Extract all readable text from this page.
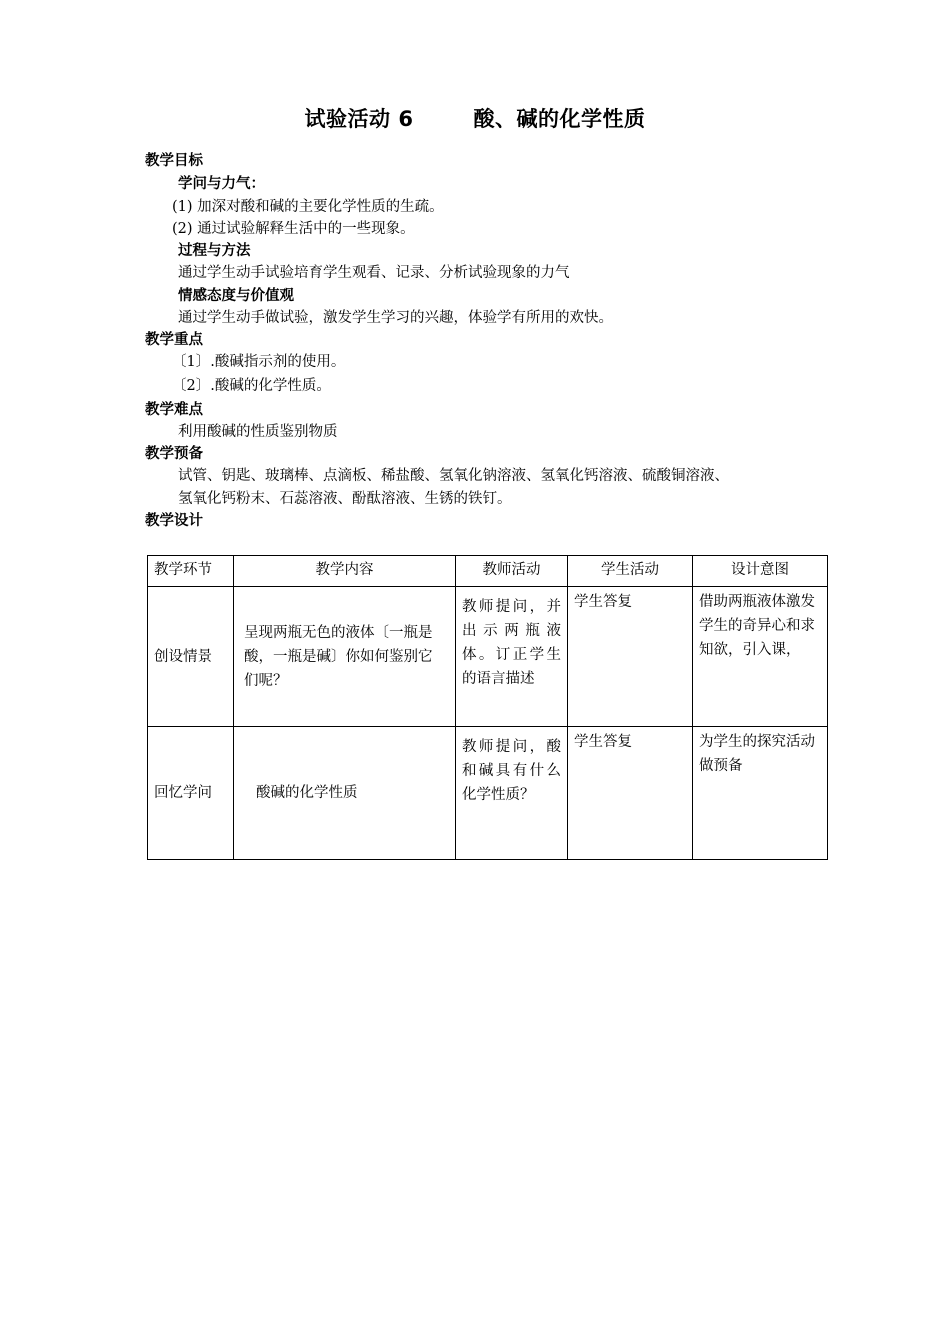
试验活动 6	酸、碱的化学性质
教学目标
学问与力气：
(1) 加深对酸和碱的主要化学性质的生疏。
(2) 通过试验解释生活中的一些现象。
过程与方法
通过学生动手试验培育学生观看、记录、分析试验现象的力气
情感态度与价值观
通过学生动手做试验，激发学生学习的兴趣，体验学有所用的欢快。
教学重点
〔1〕.酸碱指示剂的使用。
〔2〕.酸碱的化学性质。
教学难点
利用酸碱的性质鉴别物质
教学预备
试管、钥匙、玻璃棒、点滴板、稀盐酸、氢氧化钠溶液、氢氧化钙溶液、硫酸铜溶液、
氢氧化钙粉末、石蕊溶液、酚酞溶液、生锈的铁钉。
教学设计
教学环节	教学内容	教师活动	学生活动	设计意图
创设情景	呈现两瓶无色的液体〔一瓶是酸，一瓶是碱〕你如何鉴别它们呢？	教师提问，并出示两瓶液体。订正学生的语言描述	学生答复	借助两瓶液体激发学生的奇异心和求知欲，引入课，
回忆学问	酸碱的化学性质	教师提问，酸和碱具有什么化学性质？	学生答复	为学生的探究活动做预备
